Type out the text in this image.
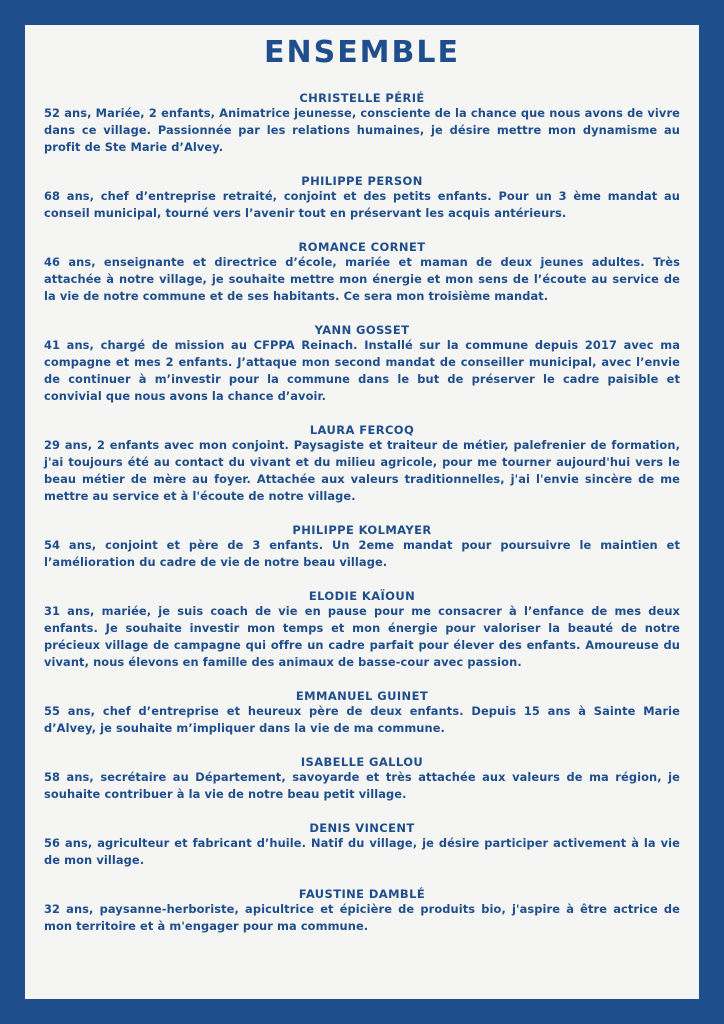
ENSEMBLE

CHRISTELLE PÉRIÉ

52 ans, Mariée, 2 enfants, Animatrice jeunesse, consciente de la chance que nous avons de vivre dans ce village. Passionnée par les relations humaines, je désire mettre mon dynamisme au profit de Ste Marie d’Alvey.

PHILIPPE PERSON

68 ans, chef d’entreprise retraité, conjoint et des petits enfants. Pour un 3 ème mandat au conseil municipal, tourné vers l’avenir tout en préservant les acquis antérieurs.

ROMANCE CORNET

46 ans, enseignante et directrice d’école, mariée et maman de deux jeunes adultes. Très attachée à notre village, je souhaite mettre mon énergie et mon sens de l’écoute au service de la vie de notre commune et de ses habitants. Ce sera mon troisième mandat.

YANN GOSSET

41 ans, chargé de mission au CFPPA Reinach. Installé sur la commune depuis 2017 avec ma compagne et mes 2 enfants. J’attaque mon second mandat de conseiller municipal, avec l’envie de continuer à m’investir pour la commune dans le but de préserver le cadre paisible et convivial que nous avons la chance d’avoir.

LAURA FERCOQ

29 ans, 2 enfants avec mon conjoint. Paysagiste et traiteur de métier, palefrenier de formation, j'ai toujours été au contact du vivant et du milieu agricole, pour me tourner aujourd'hui vers le beau métier de mère au foyer. Attachée aux valeurs traditionnelles, j'ai l'envie sincère de me mettre au service et à l'écoute de notre village.

PHILIPPE KOLMAYER

54 ans, conjoint et père de 3 enfants. Un 2eme mandat pour poursuivre le maintien et l’amélioration du cadre de vie de notre beau village.

ELODIE KAÏOUN

31 ans, mariée, je suis coach de vie en pause pour me consacrer à l’enfance de mes deux enfants. Je souhaite investir mon temps et mon énergie pour valoriser la beauté de notre précieux village de campagne qui offre un cadre parfait pour élever des enfants. Amoureuse du vivant, nous élevons en famille des animaux de basse-cour avec passion.

EMMANUEL GUINET

55 ans, chef d’entreprise et heureux père de deux enfants. Depuis 15 ans à Sainte Marie d’Alvey, je souhaite m’impliquer dans la vie de ma commune.

ISABELLE GALLOU

58 ans, secrétaire au Département, savoyarde et très attachée aux valeurs de ma région, je souhaite contribuer à la vie de notre beau petit village.

DENIS VINCENT

56 ans, agriculteur et fabricant d’huile. Natif du village, je désire participer activement à la vie de mon village.

FAUSTINE DAMBLÉ

32 ans, paysanne-herboriste, apicultrice et épicière de produits bio, j'aspire à être actrice de mon territoire et à m'engager pour ma commune.
